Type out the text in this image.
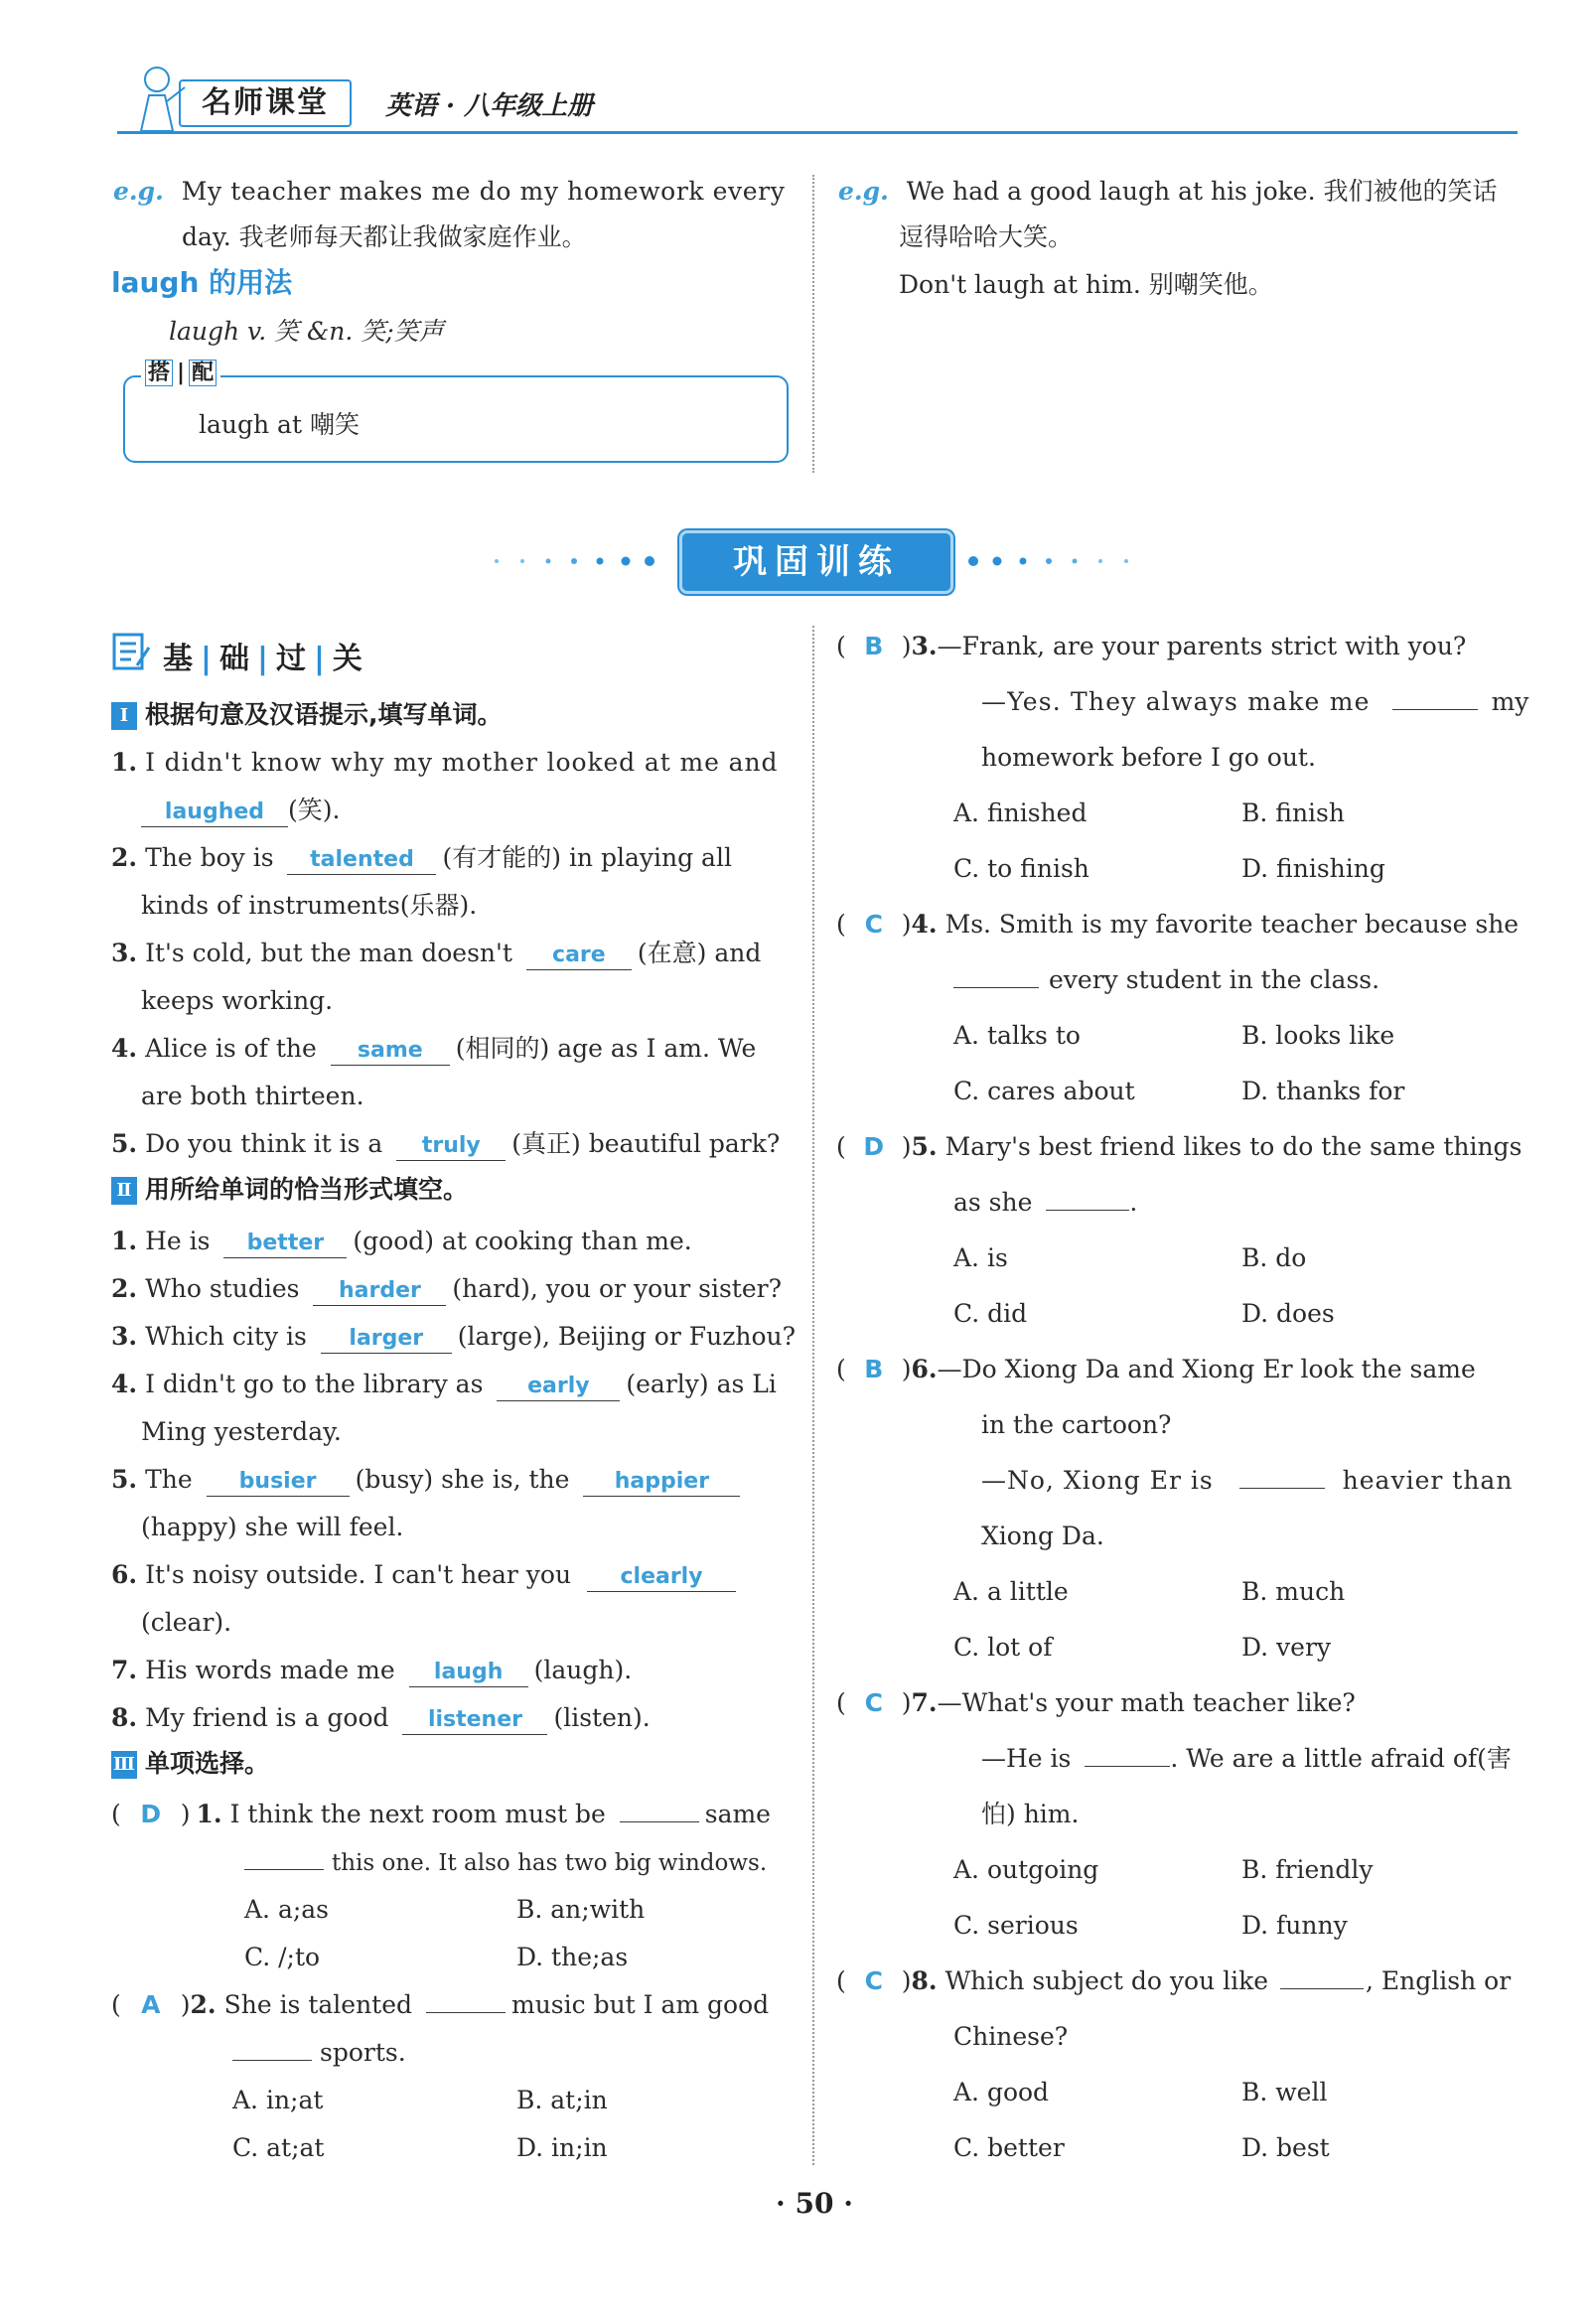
名师课堂	英语 · 八年级上册
e.g. My teacher makes me do my homework every
day. 我老师每天都让我做家庭作业。
laugh 的用法
laugh v. 笑 &n. 笑;笑声
搭 | 配
laugh at 嘲笑
e.g. We had a good laugh at his joke. 我们被他的笑话
逗得哈哈大笑。
Don't laugh at him. 别嘲笑他。
巩固训练
基 | 础 | 过 | 关
Ⅰ 根据句意及汉语提示,填写单词。
1. I didn't know why my mother looked at me and
laughed (笑).
2. The boy is talented (有才能的) in playing all
kinds of instruments(乐器).
3. It's cold, but the man doesn't care (在意) and
keeps working.
4. Alice is of the same (相同的) age as I am. We
are both thirteen.
5. Do you think it is a truly (真正) beautiful park?
Ⅱ 用所给单词的恰当形式填空。
1. He is better (good) at cooking than me.
2. Who studies harder (hard), you or your sister?
3. Which city is larger (large), Beijing or Fuzhou?
4. I didn't go to the library as early (early) as Li
Ming yesterday.
5. The busier (busy) she is, the happier
(happy) she will feel.
6. It's noisy outside. I can't hear you clearly
(clear).
7. His words made me laugh (laugh).
8. My friend is a good listener (listen).
Ⅲ 单项选择。
( D ) 1. I think the next room must be	same
this one. It also has two big windows.
A. a;as	B. an;with
C. /;to	D. the;as
( A )2. She is talented	music but I am good
sports.
A. in;at	B. at;in
C. at;at	D. in;in
( B )3.—Frank, are your parents strict with you?
—Yes. They always make me	my
homework before I go out.
A. finished	B. finish
C. to finish	D. finishing
( C )4. Ms. Smith is my favorite teacher because she
every student in the class.
A. talks to	B. looks like
C. cares about	D. thanks for
( D )5. Mary's best friend likes to do the same things
as she	.
A. is	B. do
C. did	D. does
( B )6.—Do Xiong Da and Xiong Er look the same
in the cartoon?
—No, Xiong Er is	heavier than
Xiong Da.
A. a little	B. much
C. lot of	D. very
( C )7.—What's your math teacher like?
—He is	. We are a little afraid of(害
怕) him.
A. outgoing	B. friendly
C. serious	D. funny
( C )8. Which subject do you like	, English or
Chinese?
A. good	B. well
C. better	D. best
· 50 ·
